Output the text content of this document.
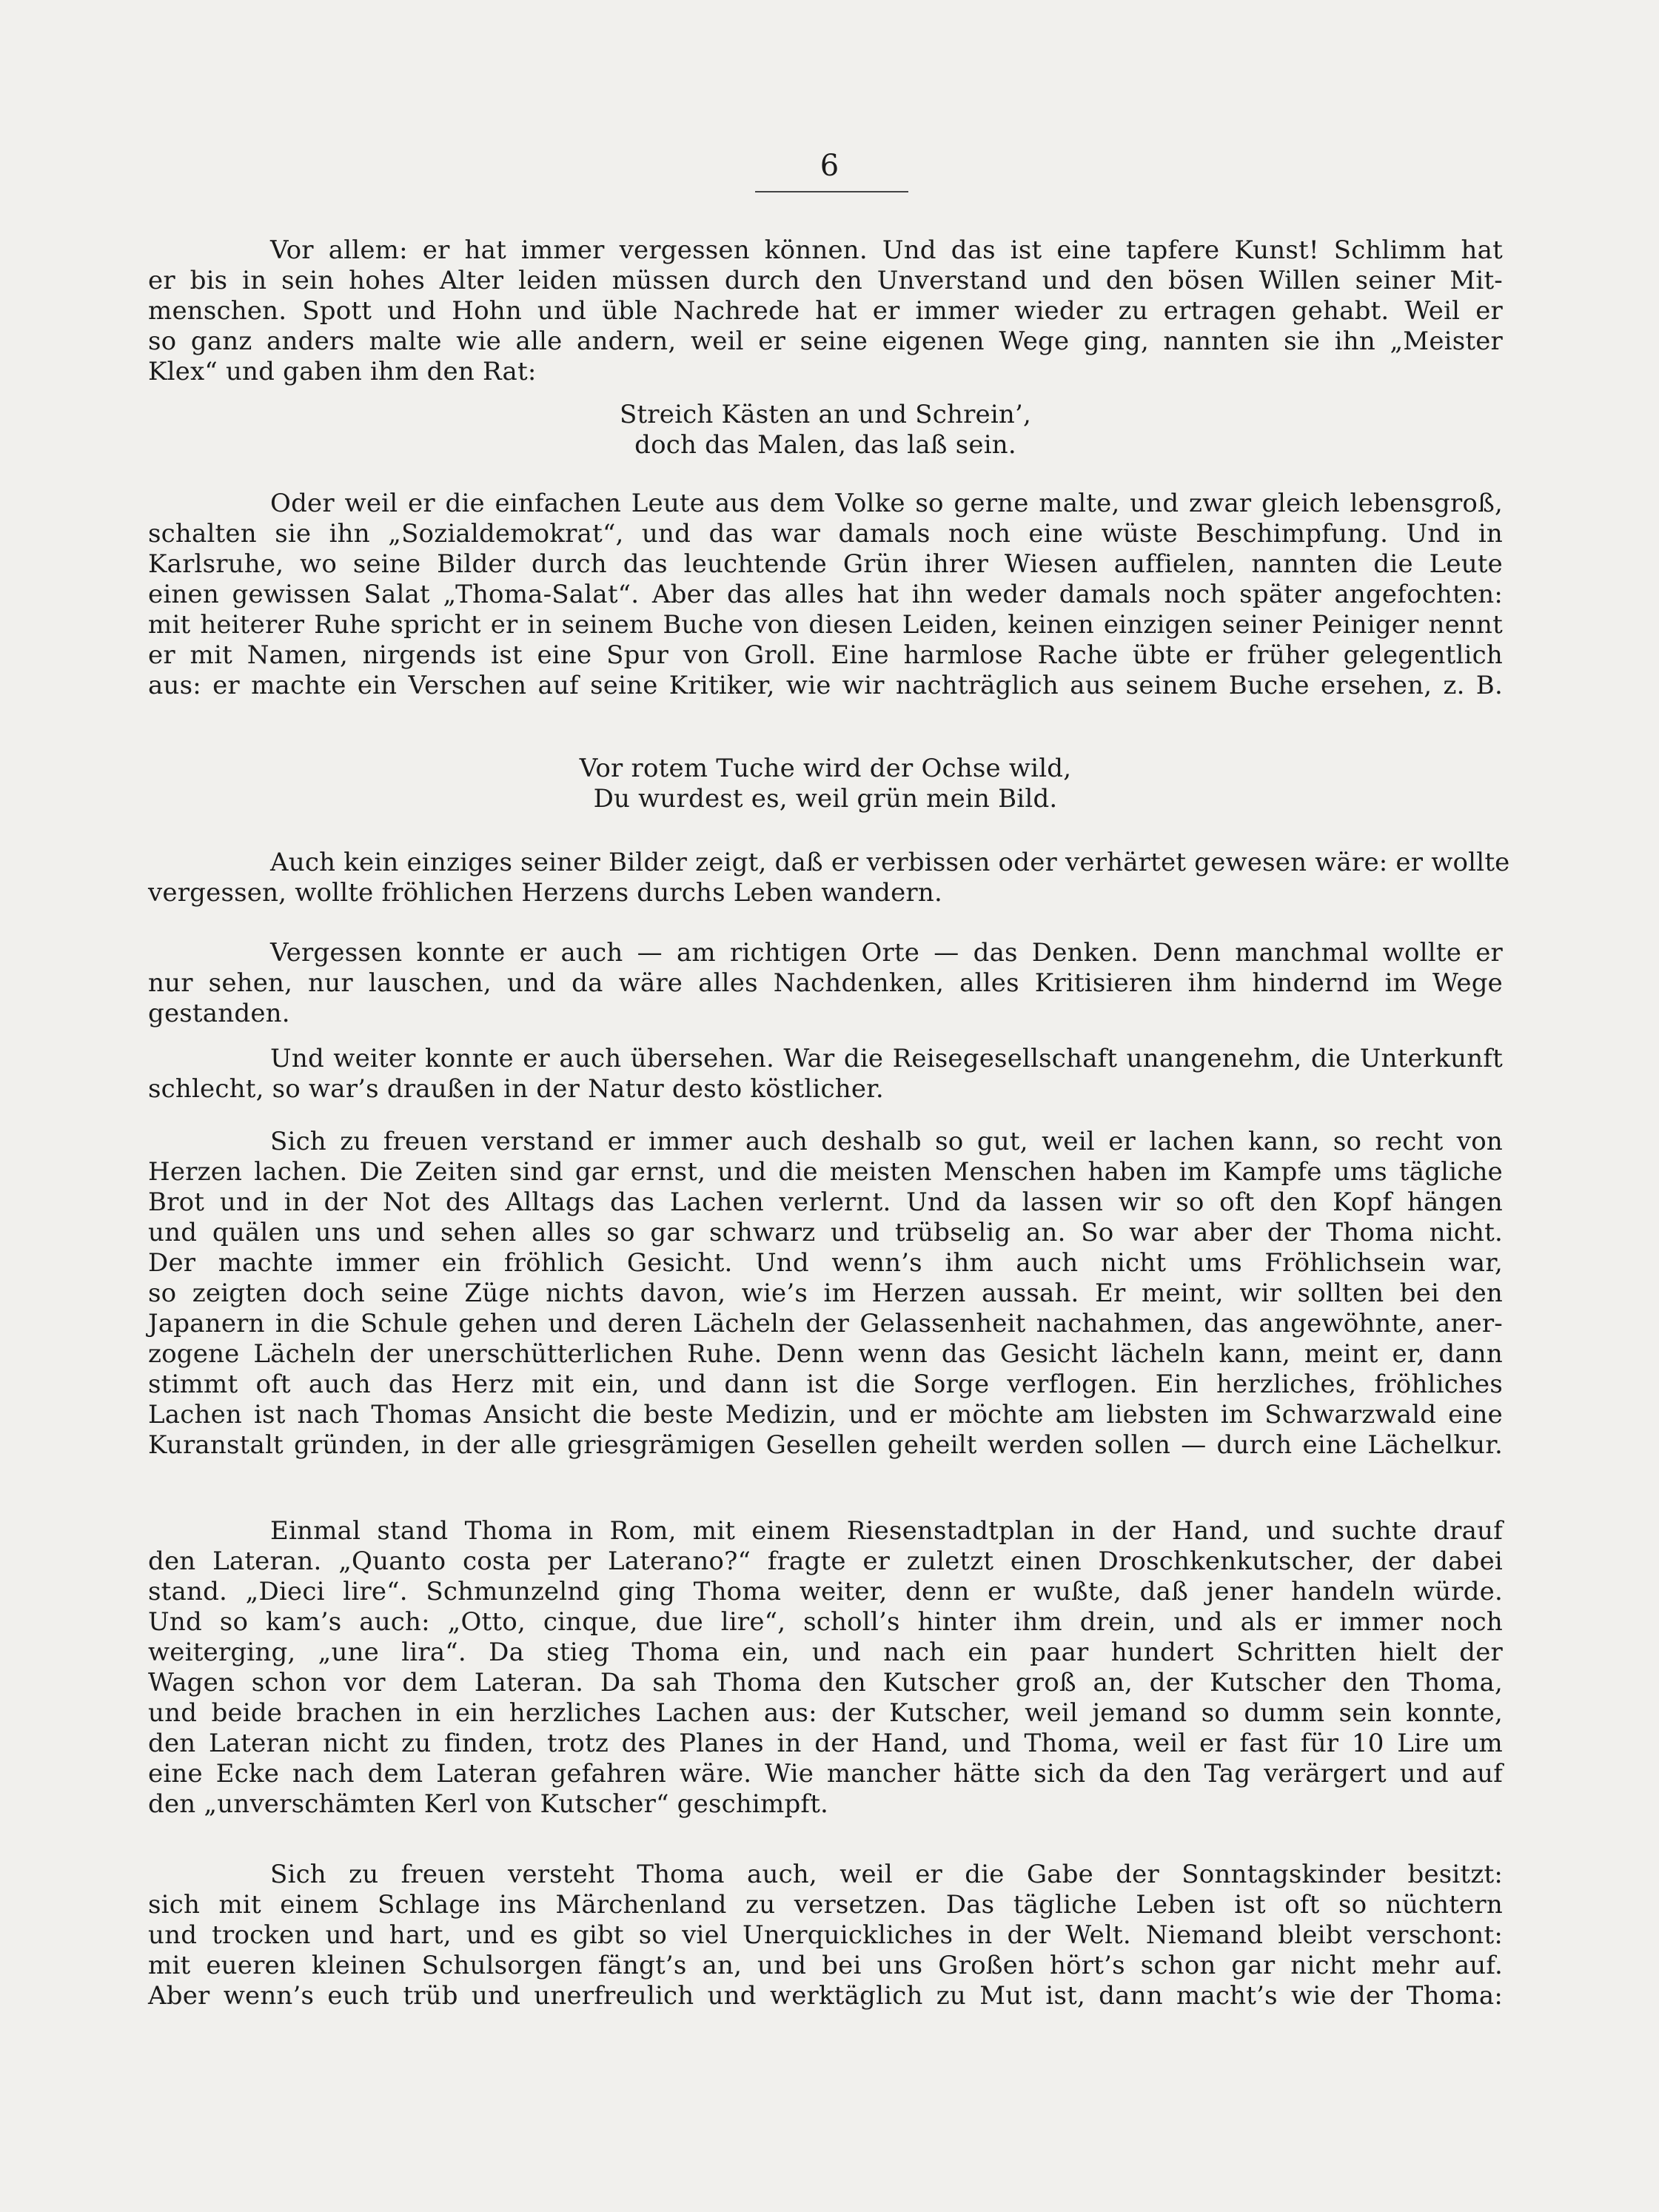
6
Vor allem: er hat immer vergessen können. Und das ist eine tapfere Kunst! Schlimm hat
er bis in sein hohes Alter leiden müssen durch den Unverstand und den bösen Willen seiner Mit-
menschen. Spott und Hohn und üble Nachrede hat er immer wieder zu ertragen gehabt. Weil er
so ganz anders malte wie alle andern, weil er seine eigenen Wege ging, nannten sie ihn „Meister
Klex“ und gaben ihm den Rat:
Streich Kästen an und Schrein’,
doch das Malen, das laß sein.
Oder weil er die einfachen Leute aus dem Volke so gerne malte, und zwar gleich lebensgroß,
schalten sie ihn „Sozialdemokrat“, und das war damals noch eine wüste Beschimpfung. Und in
Karlsruhe, wo seine Bilder durch das leuchtende Grün ihrer Wiesen auffielen, nannten die Leute
einen gewissen Salat „Thoma-Salat“. Aber das alles hat ihn weder damals noch später angefochten:
mit heiterer Ruhe spricht er in seinem Buche von diesen Leiden, keinen einzigen seiner Peiniger nennt
er mit Namen, nirgends ist eine Spur von Groll. Eine harmlose Rache übte er früher gelegentlich
aus: er machte ein Verschen auf seine Kritiker, wie wir nachträglich aus seinem Buche ersehen, z. B.
Vor rotem Tuche wird der Ochse wild,
Du wurdest es, weil grün mein Bild.
Auch kein einziges seiner Bilder zeigt, daß er verbissen oder verhärtet gewesen wäre: er wollte
vergessen, wollte fröhlichen Herzens durchs Leben wandern.
Vergessen konnte er auch — am richtigen Orte — das Denken. Denn manchmal wollte er
nur sehen, nur lauschen, und da wäre alles Nachdenken, alles Kritisieren ihm hindernd im Wege
gestanden.
Und weiter konnte er auch übersehen. War die Reisegesellschaft unangenehm, die Unterkunft
schlecht, so war’s draußen in der Natur desto köstlicher.
Sich zu freuen verstand er immer auch deshalb so gut, weil er lachen kann, so recht von
Herzen lachen. Die Zeiten sind gar ernst, und die meisten Menschen haben im Kampfe ums tägliche
Brot und in der Not des Alltags das Lachen verlernt. Und da lassen wir so oft den Kopf hängen
und quälen uns und sehen alles so gar schwarz und trübselig an. So war aber der Thoma nicht.
Der machte immer ein fröhlich Gesicht. Und wenn’s ihm auch nicht ums Fröhlichsein war,
so zeigten doch seine Züge nichts davon, wie’s im Herzen aussah. Er meint, wir sollten bei den
Japanern in die Schule gehen und deren Lächeln der Gelassenheit nachahmen, das angewöhnte, aner-
zogene Lächeln der unerschütterlichen Ruhe. Denn wenn das Gesicht lächeln kann, meint er, dann
stimmt oft auch das Herz mit ein, und dann ist die Sorge verflogen. Ein herzliches, fröhliches
Lachen ist nach Thomas Ansicht die beste Medizin, und er möchte am liebsten im Schwarzwald eine
Kuranstalt gründen, in der alle griesgrämigen Gesellen geheilt werden sollen — durch eine Lächelkur.
Einmal stand Thoma in Rom, mit einem Riesenstadtplan in der Hand, und suchte drauf
den Lateran. „Quanto costa per Laterano?“ fragte er zuletzt einen Droschkenkutscher, der dabei
stand. „Dieci lire“. Schmunzelnd ging Thoma weiter, denn er wußte, daß jener handeln würde.
Und so kam’s auch: „Otto, cinque, due lire“, scholl’s hinter ihm drein, und als er immer noch
weiterging, „une lira“. Da stieg Thoma ein, und nach ein paar hundert Schritten hielt der
Wagen schon vor dem Lateran. Da sah Thoma den Kutscher groß an, der Kutscher den Thoma,
und beide brachen in ein herzliches Lachen aus: der Kutscher, weil jemand so dumm sein konnte,
den Lateran nicht zu finden, trotz des Planes in der Hand, und Thoma, weil er fast für 10 Lire um
eine Ecke nach dem Lateran gefahren wäre. Wie mancher hätte sich da den Tag verärgert und auf
den „unverschämten Kerl von Kutscher“ geschimpft.
Sich zu freuen versteht Thoma auch, weil er die Gabe der Sonntagskinder besitzt:
sich mit einem Schlage ins Märchenland zu versetzen. Das tägliche Leben ist oft so nüchtern
und trocken und hart, und es gibt so viel Unerquickliches in der Welt. Niemand bleibt verschont:
mit eueren kleinen Schulsorgen fängt’s an, und bei uns Großen hört’s schon gar nicht mehr auf.
Aber wenn’s euch trüb und unerfreulich und werktäglich zu Mut ist, dann macht’s wie der Thoma:
